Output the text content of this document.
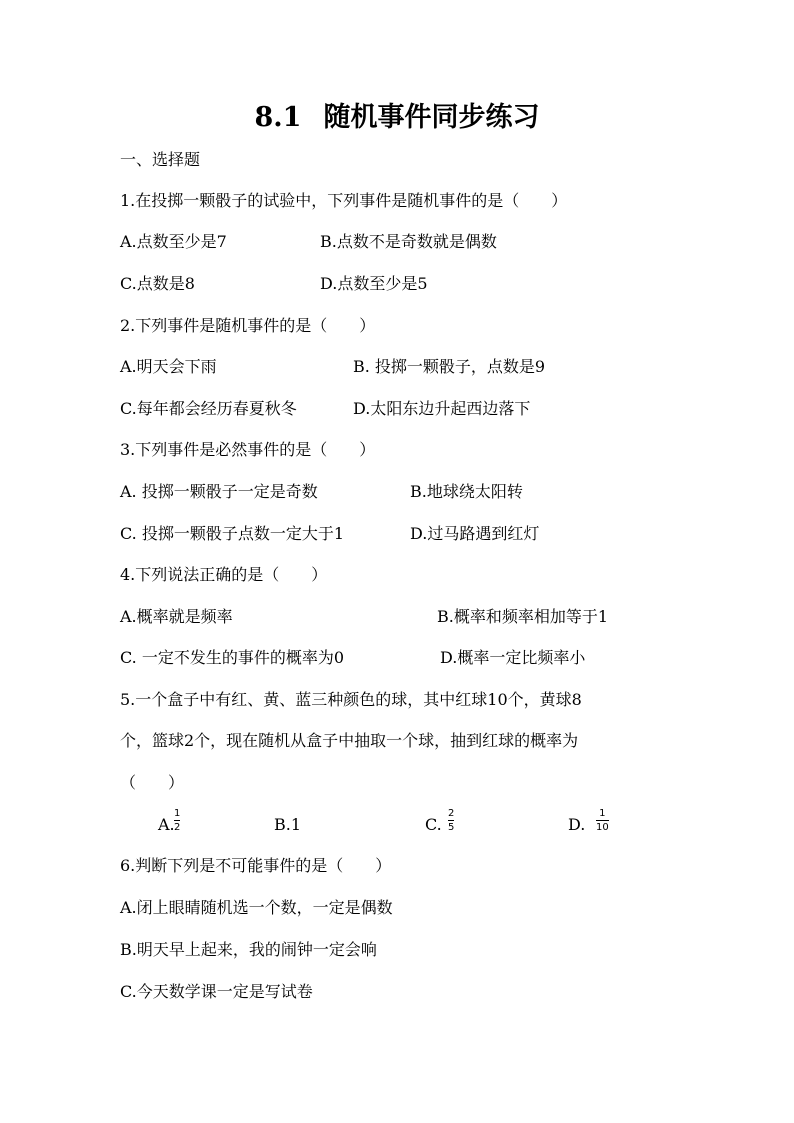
8.1 随机事件同步练习
一、选择题
1.在投掷一颗骰子的试验中，下列事件是随机事件的是（　　）
A.点数至少是7	B.点数不是奇数就是偶数
C.点数是8	D.点数至少是5
2.下列事件是随机事件的是（　　）
A.明天会下雨	B. 投掷一颗骰子，点数是9
C.每年都会经历春夏秋冬	D.太阳东边升起西边落下
3.下列事件是必然事件的是（　　）
A. 投掷一颗骰子一定是奇数	B.地球绕太阳转
C. 投掷一颗骰子点数一定大于1	D.过马路遇到红灯
4.下列说法正确的是（　　）
A.概率就是频率	B.概率和频率相加等于1
C. 一定不发生的事件的概率为0	D.概率一定比频率小
5.一个盒子中有红、黄、蓝三种颜色的球，其中红球10个，黄球8
个，篮球2个，现在随机从盒子中抽取一个球，抽到红球的概率为
（　　）
A.
1
2	B.1	C.
2
5	D.
1
10
6.判断下列是不可能事件的是（　　）
A.闭上眼睛随机选一个数，一定是偶数
B.明天早上起来，我的闹钟一定会响
C.今天数学课一定是写试卷
